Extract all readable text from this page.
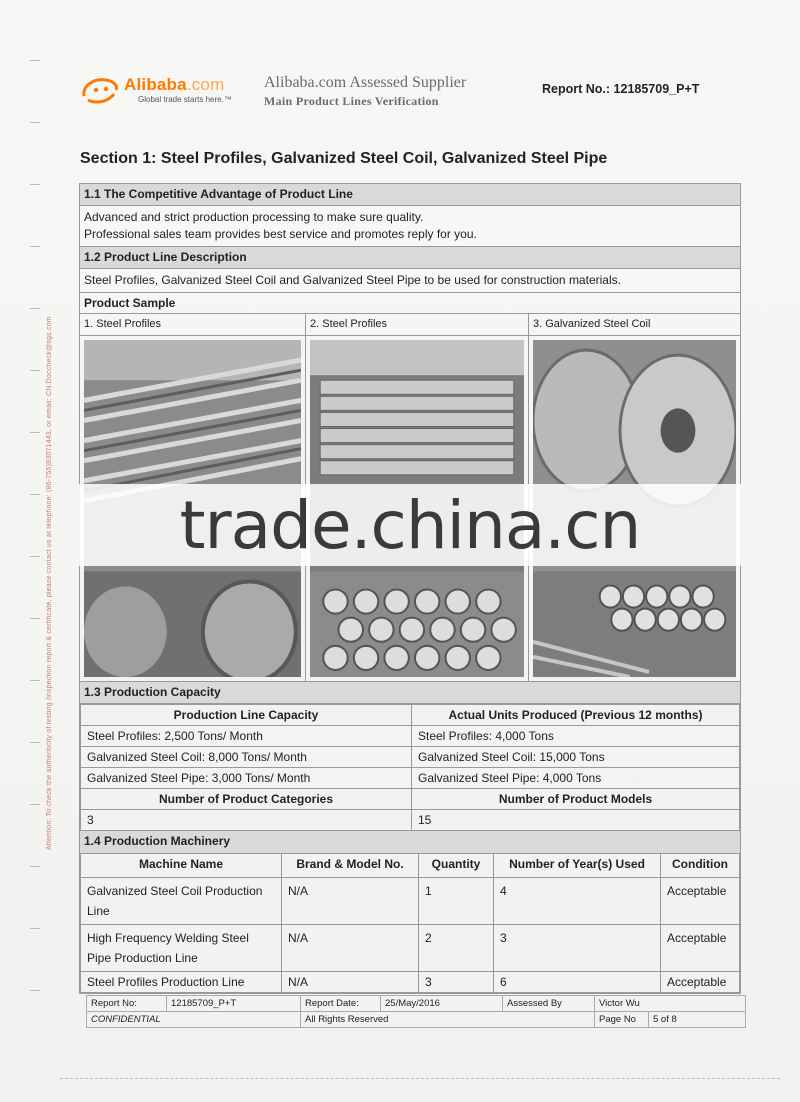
Attention: To check the authenticity of testing /inspection report & certificate, please contact us at telephone: (86-755)83071443, or email: CN.Doccheck@sgs.com
Alibaba.com
Global trade starts here.™
Alibaba.com Assessed Supplier
Main Product Lines Verification
Report No.: 12185709_P+T
Section 1: Steel Profiles, Galvanized Steel Coil, Galvanized Steel Pipe
1.1 The Competitive Advantage of Product Line
Advanced and strict production processing to make sure quality.
Professional sales team provides best service and promotes reply for you.
1.2 Product Line Description
Steel Profiles, Galvanized Steel Coil and Galvanized Steel Pipe to be used for construction materials.
Product Sample
1. Steel Profiles	2. Steel Profiles	3. Galvanized Steel Coil
1.3 Production Capacity
Production Line Capacity	Actual Units Produced (Previous 12 months)
Steel Profiles: 2,500 Tons/ Month	Steel Profiles: 4,000 Tons
Galvanized Steel Coil: 8,000 Tons/ Month	Galvanized Steel Coil: 15,000 Tons
Galvanized Steel Pipe: 3,000 Tons/ Month	Galvanized Steel Pipe: 4,000 Tons
Number of Product Categories	Number of Product Models
3	15
1.4 Production Machinery
Machine Name	Brand & Model No.	Quantity	Number of Year(s) Used	Condition
Galvanized Steel Coil Production Line	N/A	1	4	Acceptable
High Frequency Welding Steel Pipe Production Line	N/A	2	3	Acceptable
Steel Profiles Production Line	N/A	3	6	Acceptable
trade.china.cn
Report No:	12185709_P+T	Report Date:	25/May/2016	Assessed By	Victor Wu	
CONFIDENTIAL		All Rights Reserved			Page No	5 of 8
